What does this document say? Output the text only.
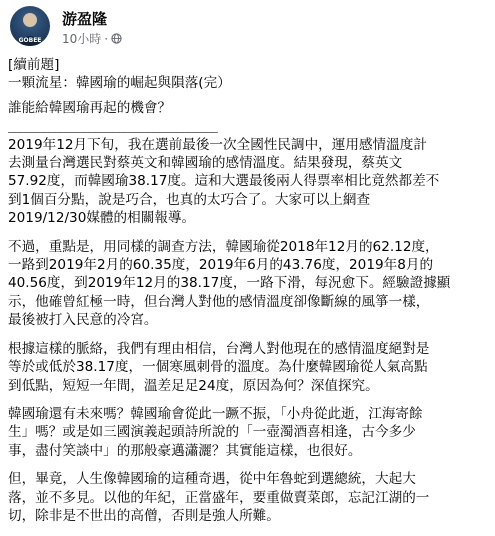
GOBEE
游盈隆
10小時 ·

[續前題]

一顆流星：韓國瑜的崛起與隕落(完）

誰能給韓國瑜再起的機會？

____________________________________

2019年12月下旬，我在選前最後一次全國性民調中，運用感情溫度計

去測量台灣選民對蔡英文和韓國瑜的感情溫度。結果發現，蔡英文

57.92度，而韓國瑜38.17度。這和大選最後兩人得票率相比竟然都差不

到1個百分點，說是巧合，也真的太巧合了。大家可以上網查

2019/12/30媒體的相關報導。

不過，重點是，用同樣的調查方法，韓國瑜從2018年12月的62.12度，

一路到2019年2月的60.35度，2019年6月的43.76度，2019年8月的

40.56度，到2019年12月的38.17度，一路下滑，每況愈下。經驗證據顯

示，他確曾紅極一時，但台灣人對他的感情溫度卻像斷線的風箏一樣，

最後被打入民意的冷宮。

根據這樣的脈絡，我們有理由相信，台灣人對他現在的感情溫度絕對是

等於或低於38.17度，一個寒風刺骨的溫度。為什麼韓國瑜從人氣高點

到低點，短短一年間，溫差足足24度，原因為何？深值探究。

韓國瑜還有未來嗎？韓國瑜會從此一蹶不振，「小舟從此逝，江海寄餘

生」嗎？或是如三國演義起頭詩所說的「一壺濁酒喜相逢，古今多少

事，盡付笑談中」的那般豪邁瀟灑？其實能這樣，也很好。

但，畢竟，人生像韓國瑜的這種奇遇，從中年魯蛇到選總統，大起大

落，並不多見。以他的年紀，正當盛年，要重做賣菜郎，忘記江湖的一

切，除非是不世出的高僧，否則是強人所難。
